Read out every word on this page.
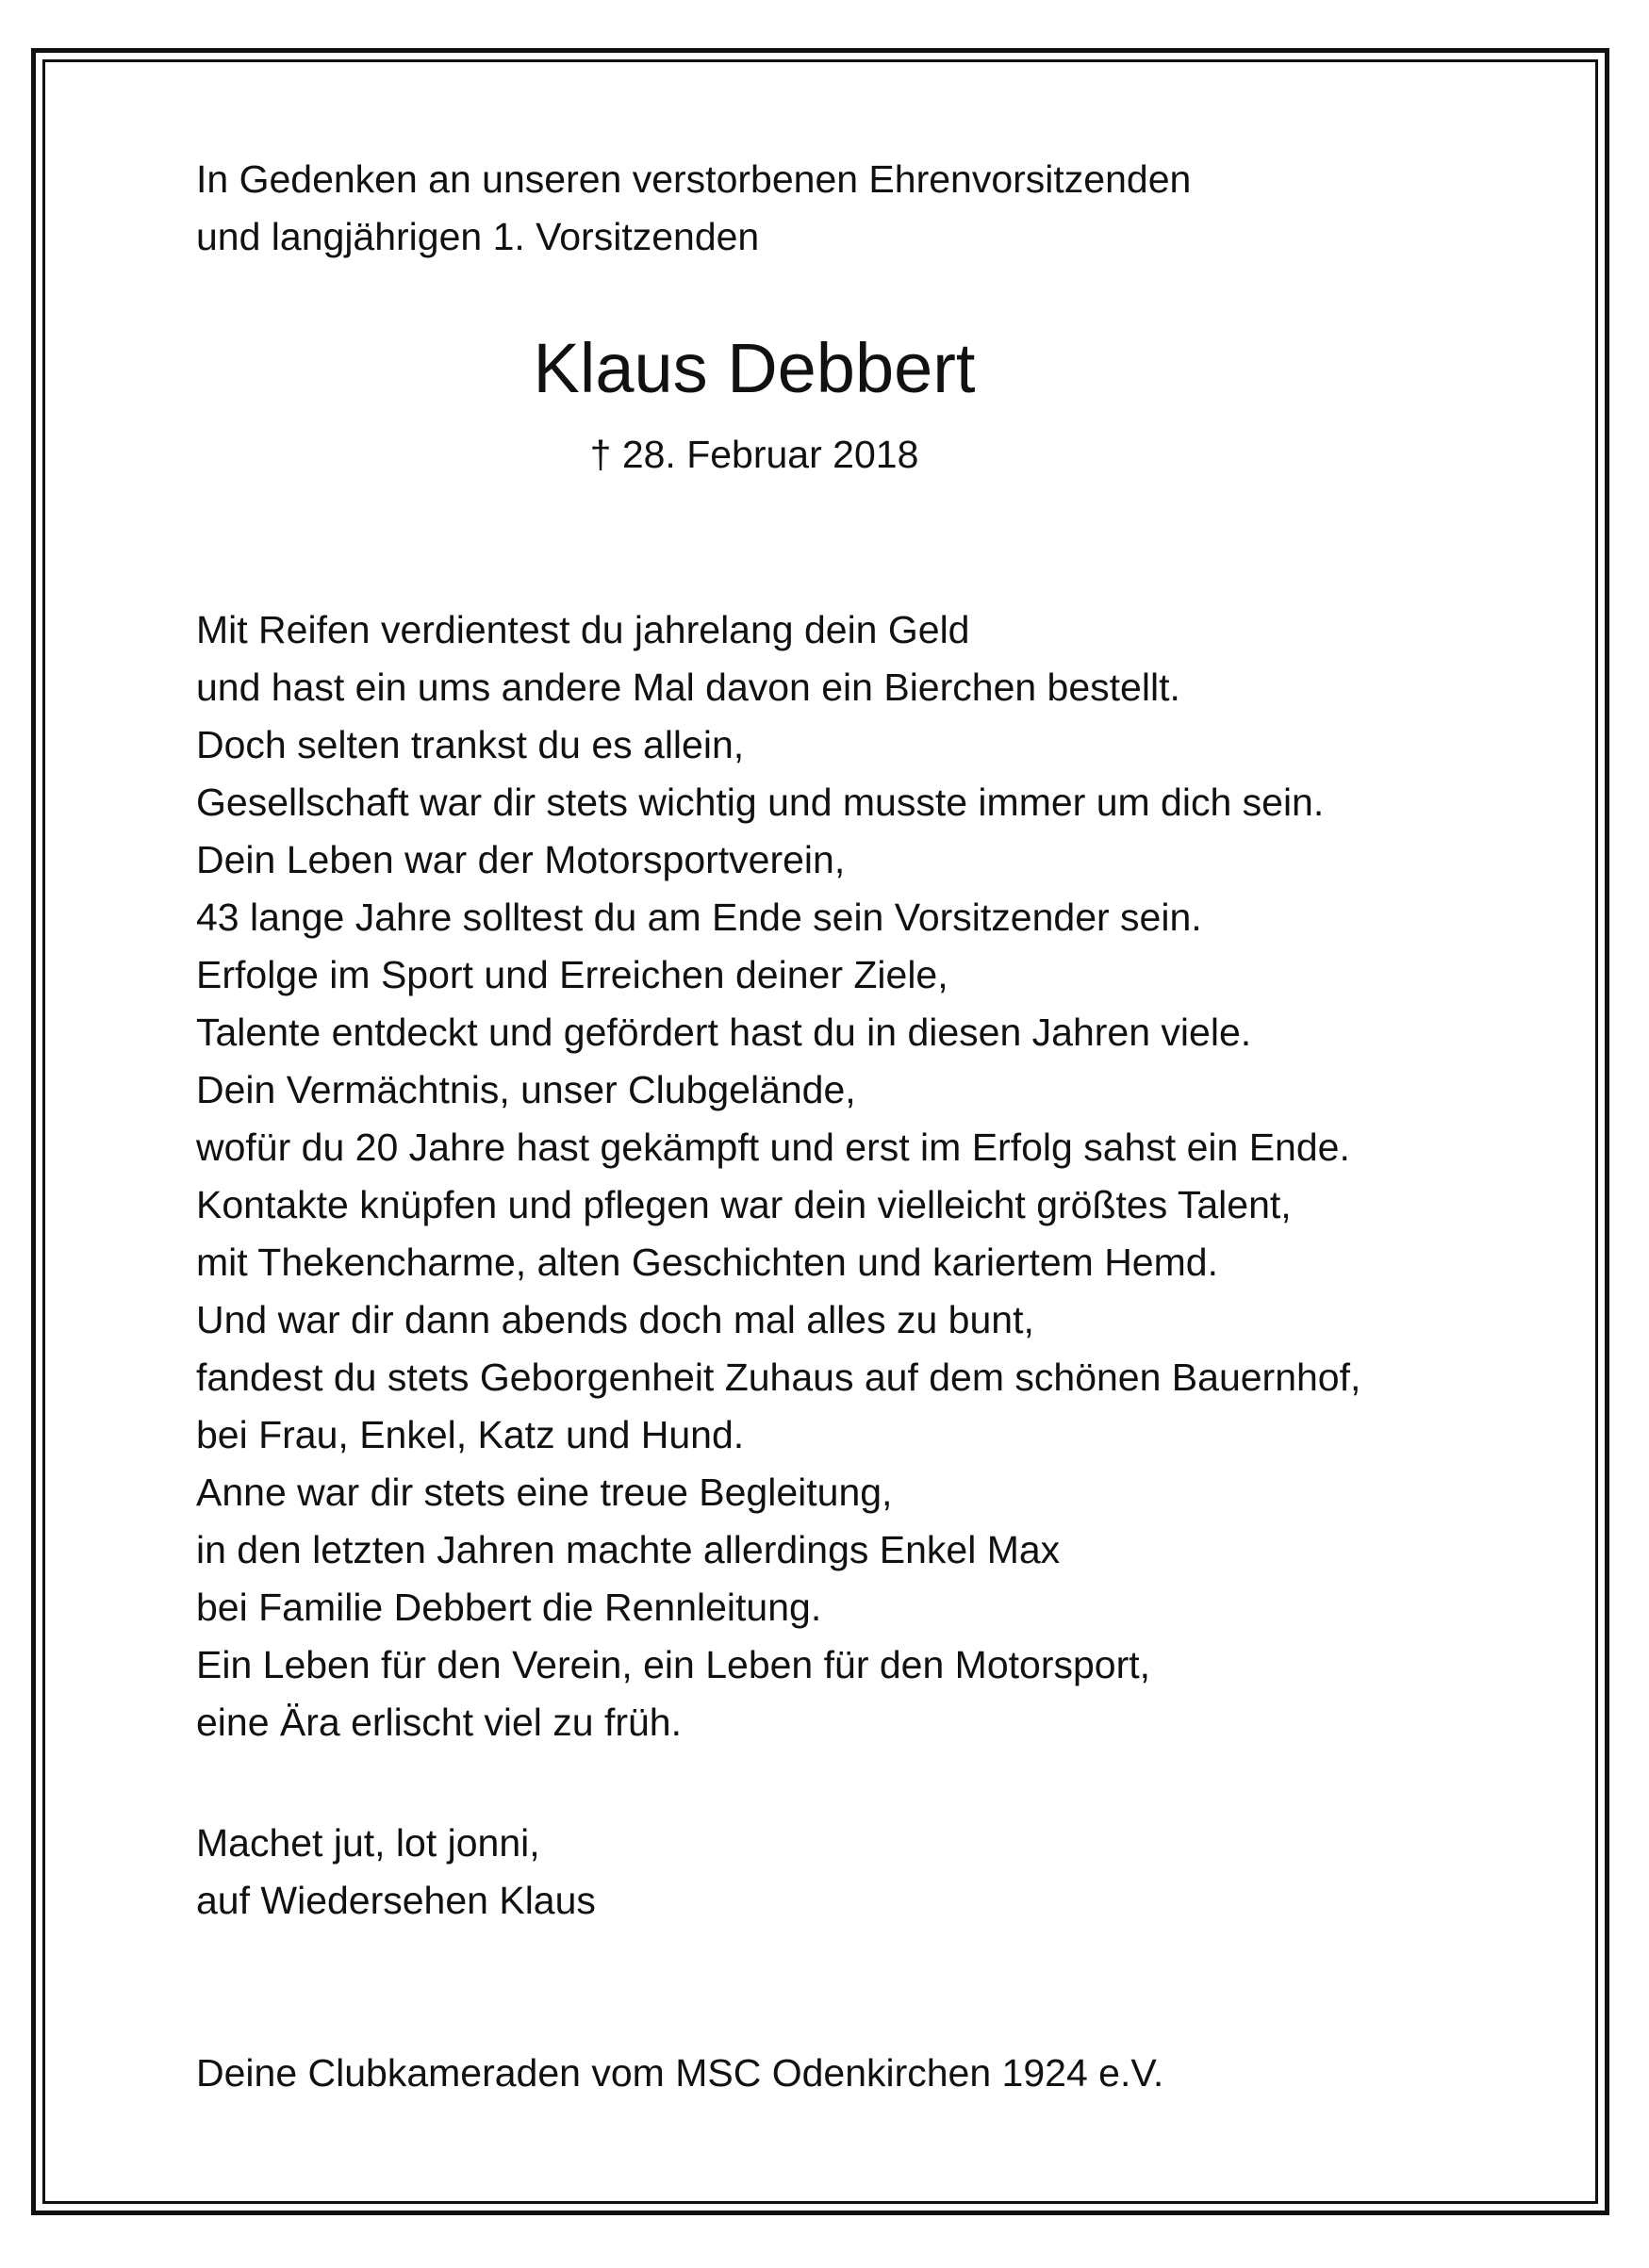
In Gedenken an unseren verstorbenen Ehrenvorsitzenden
und langjährigen 1. Vorsitzenden

Klaus Debbert

† 28. Februar 2018

Mit Reifen verdientest du jahrelang dein Geld
und hast ein ums andere Mal davon ein Bierchen bestellt.
Doch selten trankst du es allein,
Gesellschaft war dir stets wichtig und musste immer um dich sein.
Dein Leben war der Motorsportverein,
43 lange Jahre solltest du am Ende sein Vorsitzender sein.
Erfolge im Sport und Erreichen deiner Ziele,
Talente entdeckt und gefördert hast du in diesen Jahren viele.
Dein Vermächtnis, unser Clubgelände,
wofür du 20 Jahre hast gekämpft und erst im Erfolg sahst ein Ende.
Kontakte knüpfen und pflegen war dein vielleicht größtes Talent,
mit Thekencharme, alten Geschichten und kariertem Hemd.
Und war dir dann abends doch mal alles zu bunt,
fandest du stets Geborgenheit Zuhaus auf dem schönen Bauernhof,
bei Frau, Enkel, Katz und Hund.
Anne war dir stets eine treue Begleitung,
in den letzten Jahren machte allerdings Enkel Max
bei Familie Debbert die Rennleitung.
Ein Leben für den Verein, ein Leben für den Motorsport,
eine Ära erlischt viel zu früh.

Machet jut, lot jonni,
auf Wiedersehen Klaus

Deine Clubkameraden vom MSC Odenkirchen 1924 e.V.
